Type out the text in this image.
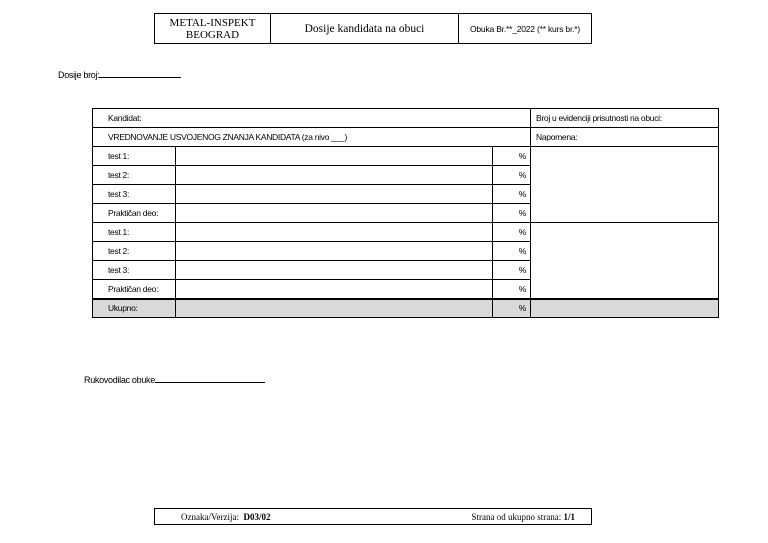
METAL-INSPEKT
BEOGRAD	Dosije kandidata na obuci	Obuka Br.**_2022 (** kurs br.*)
Dosije broj:
Kandidat:			Broj u evidenciji prisutnosti na obuci:
VREDNOVANJE USVOJENOG ZNANJA KANDIDATA (za nivo ___)			Napomena:
test 1:		%	
test 2:		%	
test 3:		%	
Praktičan deo:		%	
test 1:		%	
test 2:		%	
test 3:		%	
Praktičan deo:		%	
Ukupno:		%	
Rukovodilac obuke
Oznaka/Verzija: D03/02	Strana od ukupno strana: 1/1
